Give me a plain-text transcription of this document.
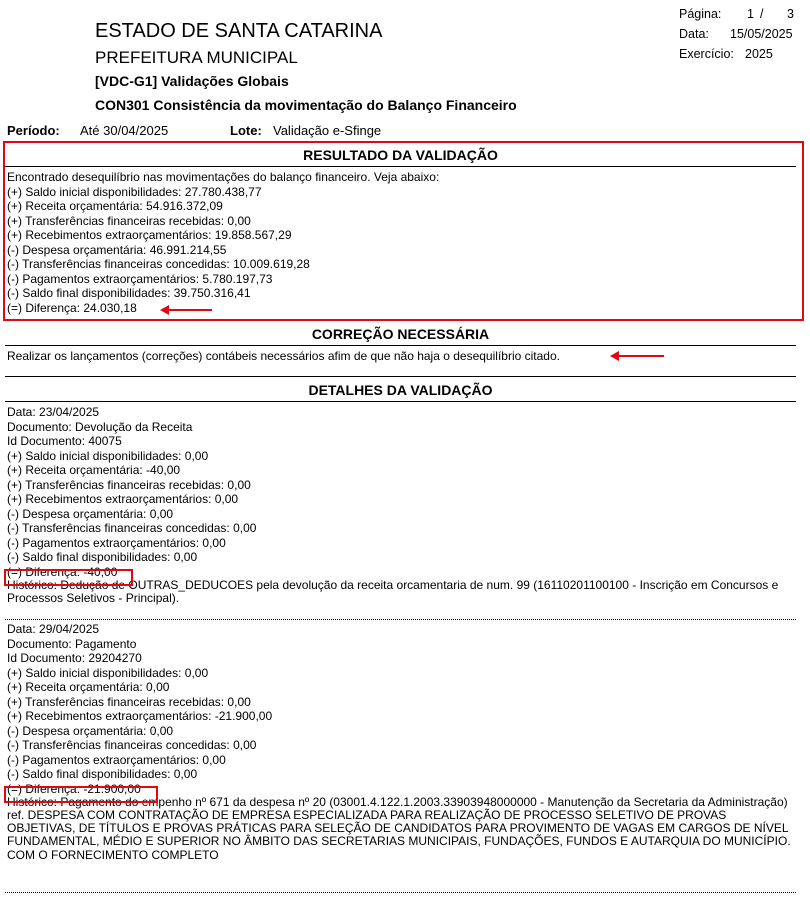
ESTADO DE SANTA CATARINA
PREFEITURA MUNICIPAL
[VDC-G1] Validações Globais
CON301 Consistência da movimentação do Balanço Financeiro
Página: 1 / 3
Data: 15/05/2025
Exercício: 2025
Período: Até 30/04/2025	Lote: Validação e-Sfinge
RESULTADO DA VALIDAÇÃO
Encontrado desequilíbrio nas movimentações do balanço financeiro. Veja abaixo:
(+) Saldo inicial disponibilidades: 27.780.438,77
(+) Receita orçamentária: 54.916.372,09
(+) Transferências financeiras recebidas: 0,00
(+) Recebimentos extraorçamentários: 19.858.567,29
(-) Despesa orçamentária: 46.991.214,55
(-) Transferências financeiras concedidas: 10.009.619,28
(-) Pagamentos extraorçamentários: 5.780.197,73
(-) Saldo final disponibilidades: 39.750.316,41
(=) Diferença: 24.030,18
CORREÇÃO NECESSÁRIA
Realizar os lançamentos (correções) contábeis necessários afim de que não haja o desequilíbrio citado.
DETALHES DA VALIDAÇÃO
Data: 23/04/2025
Documento: Devolução da Receita
Id Documento: 40075
(+) Saldo inicial disponibilidades: 0,00
(+) Receita orçamentária: -40,00
(+) Transferências financeiras recebidas: 0,00
(+) Recebimentos extraorçamentários: 0,00
(-) Despesa orçamentária: 0,00
(-) Transferências financeiras concedidas: 0,00
(-) Pagamentos extraorçamentários: 0,00
(-) Saldo final disponibilidades: 0,00
(=) Diferença: -40,00
Histórico: Dedução de OUTRAS_DEDUCOES pela devolução da receita orcamentaria de num. 99 (16110201100100 - Inscrição em Concursos e Processos Seletivos - Principal).
Data: 29/04/2025
Documento: Pagamento
Id Documento: 29204270
(+) Saldo inicial disponibilidades: 0,00
(+) Receita orçamentária: 0,00
(+) Transferências financeiras recebidas: 0,00
(+) Recebimentos extraorçamentários: -21.900,00
(-) Despesa orçamentária: 0,00
(-) Transferências financeiras concedidas: 0,00
(-) Pagamentos extraorçamentários: 0,00
(-) Saldo final disponibilidades: 0,00
(=) Diferença: -21.900,00
Histórico: Pagamento do empenho nº 671 da despesa nº 20 (03001.4.122.1.2003.33903948000000 - Manutenção da Secretaria da Administração) ref. DESPESA COM CONTRATAÇÃO DE EMPRESA ESPECIALIZADA PARA REALIZAÇÃO DE PROCESSO SELETIVO DE PROVAS OBJETIVAS, DE TÍTULOS E PROVAS PRÁTICAS PARA SELEÇÃO DE CANDIDATOS PARA PROVIMENTO DE VAGAS EM CARGOS DE NÍVEL FUNDAMENTAL, MÉDIO E SUPERIOR NO ÂMBITO DAS SECRETARIAS MUNICIPAIS, FUNDAÇÕES, FUNDOS E AUTARQUIA DO MUNICÍPIO.
COM O FORNECIMENTO COMPLETO
